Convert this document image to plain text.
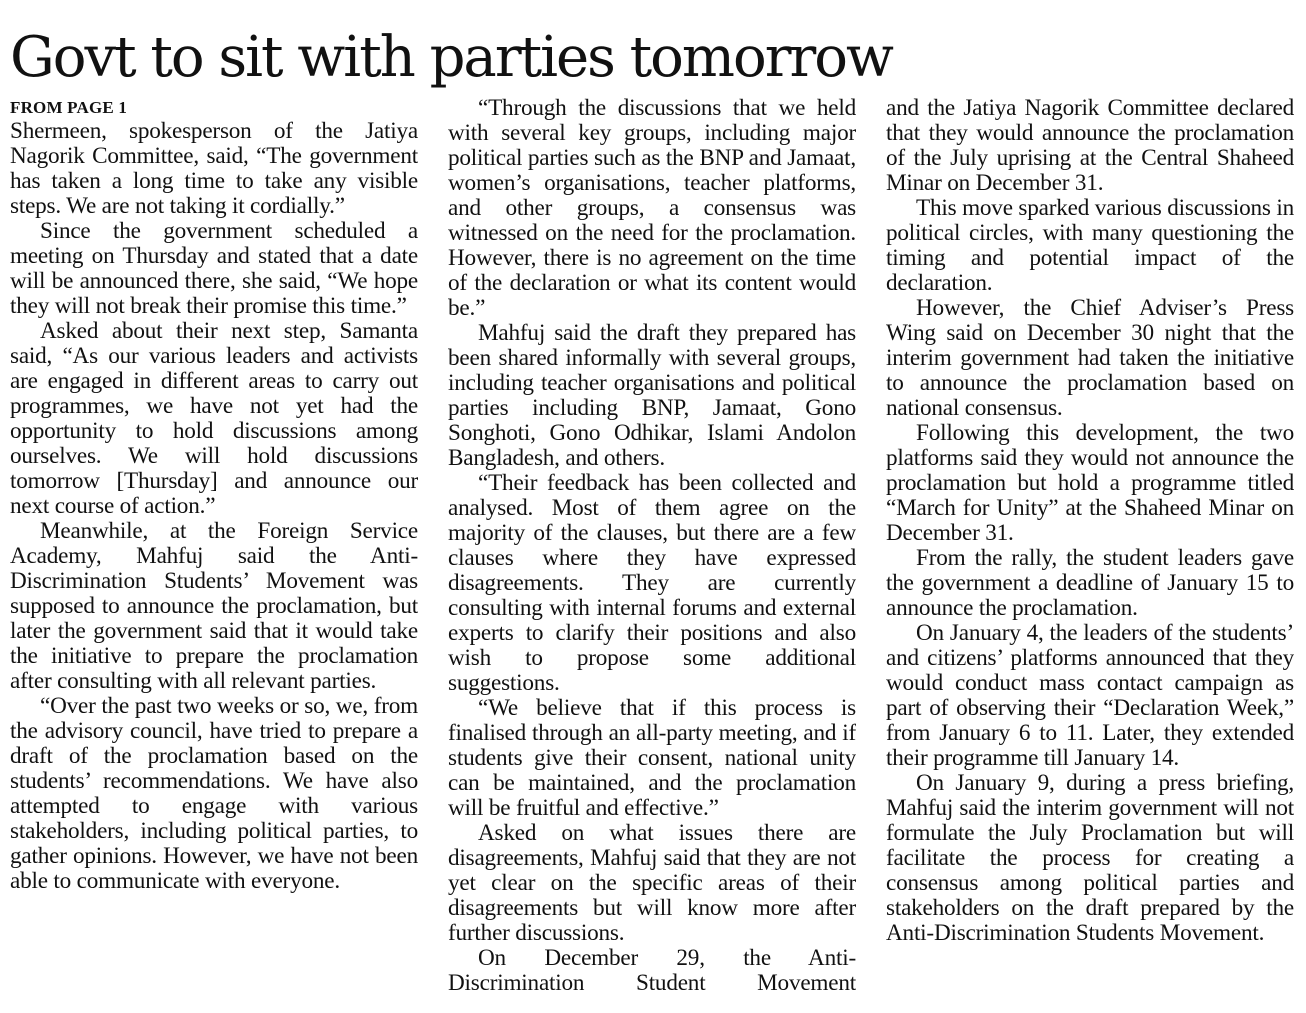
Govt to sit with parties tomorrow
FROM PAGE 1

Shermeen, spokesperson of the Jatiya Nagorik Committee, said, “The government has taken a long time to take any visible steps. We are not taking it cordially.”

Since the government scheduled a meeting on Thursday and stated that a date will be announced there, she said, “We hope they will not break their promise this time.”

Asked about their next step, Samanta said, “As our various leaders and activists are engaged in different areas to carry out programmes, we have not yet had the opportunity to hold discussions among ourselves. We will hold discussions tomorrow [Thursday] and announce our next course of action.”

Meanwhile, at the Foreign Service Academy, Mahfuj said the Anti-Discrimination Students’ Movement was supposed to announce the proclamation, but later the government said that it would take the initiative to prepare the proclamation after consulting with all relevant parties.

“Over the past two weeks or so, we, from the advisory council, have tried to prepare a draft of the proclamation based on the students’ recommendations. We have also attempted to engage with various stakeholders, including political parties, to gather opinions. However, we have not been able to communicate with everyone.

“Through the discussions that we held with several key groups, including major political parties such as the BNP and Jamaat, women’s organisations, teacher platforms, and other groups, a consensus was witnessed on the need for the proclamation. However, there is no agreement on the time of the declaration or what its content would be.”

Mahfuj said the draft they prepared has been shared informally with several groups, including teacher organisations and political parties including BNP, Jamaat, Gono Songhoti, Gono Odhikar, Islami Andolon Bangladesh, and others.

“Their feedback has been collected and analysed. Most of them agree on the majority of the clauses, but there are a few clauses where they have expressed disagreements. They are currently consulting with internal forums and external experts to clarify their positions and also wish to propose some additional suggestions.

“We believe that if this process is finalised through an all-party meeting, and if students give their consent, national unity can be maintained, and the proclamation will be fruitful and effective.”

Asked on what issues there are disagreements, Mahfuj said that they are not yet clear on the specific areas of their disagreements but will know more after further discussions.

On December 29, the Anti-Discrimination Student Movement

and the Jatiya Nagorik Committee declared that they would announce the proclamation of the July uprising at the Central Shaheed Minar on December 31.

This move sparked various discussions in political circles, with many questioning the timing and potential impact of the declaration.

However, the Chief Adviser’s Press Wing said on December 30 night that the interim government had taken the initiative to announce the proclamation based on national consensus.

Following this development, the two platforms said they would not announce the proclamation but hold a programme titled “March for Unity” at the Shaheed Minar on December 31.

From the rally, the student leaders gave the government a deadline of January 15 to announce the proclamation.

On January 4, the leaders of the students’ and citizens’ platforms announced that they would conduct mass contact campaign as part of observing their “Declaration Week,” from January 6 to 11. Later, they extended their programme till January 14.

On January 9, during a press briefing, Mahfuj said the interim government will not formulate the July Proclamation but will facilitate the process for creating a consensus among political parties and stakeholders on the draft prepared by the Anti-Discrimination Students Movement.
